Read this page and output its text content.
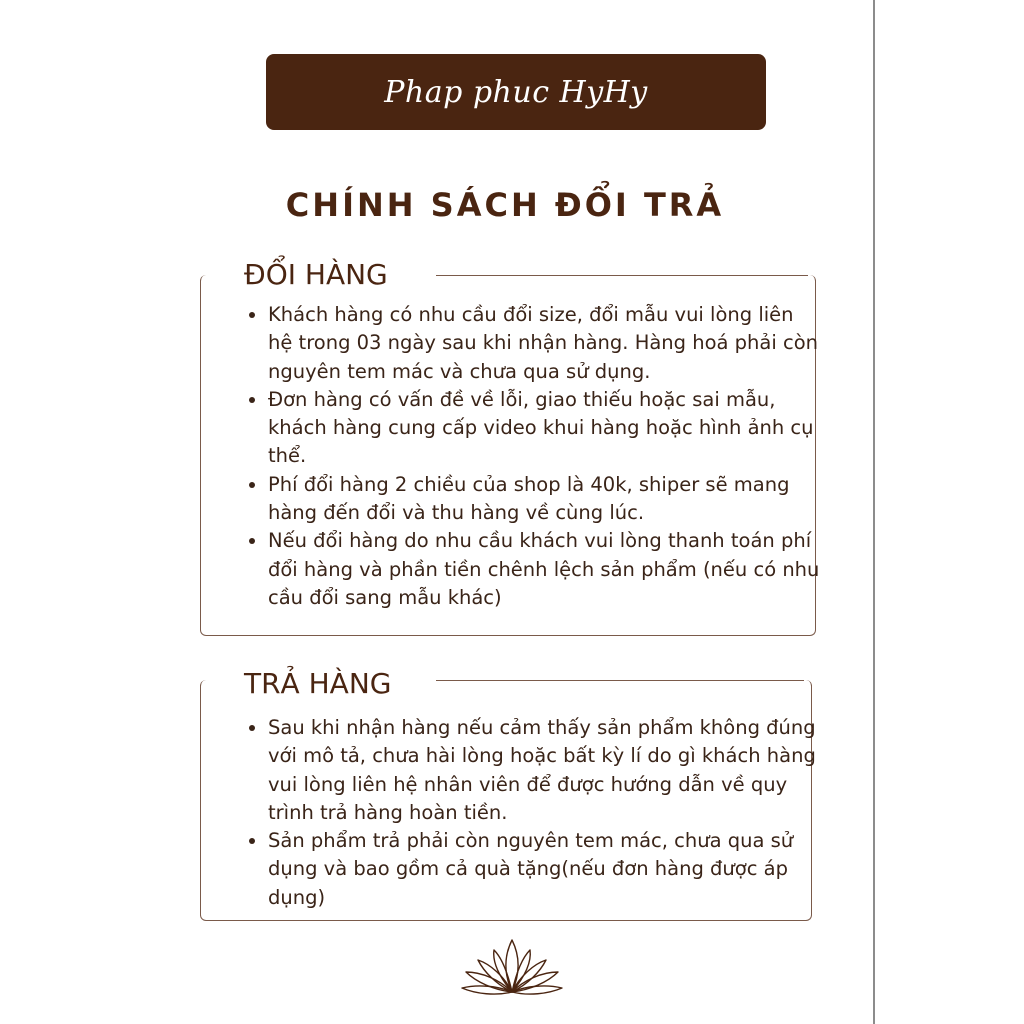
Phap phuc HyHy
CHÍNH SÁCH ĐỔI TRẢ
ĐỔI HÀNG
• Khách hàng có nhu cầu đổi size, đổi mẫu vui lòng liên hệ trong 03 ngày sau khi nhận hàng. Hàng hoá phải còn nguyên tem mác và chưa qua sử dụng.
• Đơn hàng có vấn đề về lỗi, giao thiếu hoặc sai mẫu, khách hàng cung cấp video khui hàng hoặc hình ảnh cụ thể.
• Phí đổi hàng 2 chiều của shop là 40k, shiper sẽ mang hàng đến đổi và thu hàng về cùng lúc.
• Nếu đổi hàng do nhu cầu khách vui lòng thanh toán phí đổi hàng và phần tiền chênh lệch sản phẩm (nếu có nhu cầu đổi sang mẫu khác)
TRẢ HÀNG
• Sau khi nhận hàng nếu cảm thấy sản phẩm không đúng với mô tả, chưa hài lòng hoặc bất kỳ lí do gì khách hàng vui lòng liên hệ nhân viên để được hướng dẫn về quy trình trả hàng hoàn tiền.
• Sản phẩm trả phải còn nguyên tem mác, chưa qua sử dụng và bao gồm cả quà tặng(nếu đơn hàng được áp dụng)
